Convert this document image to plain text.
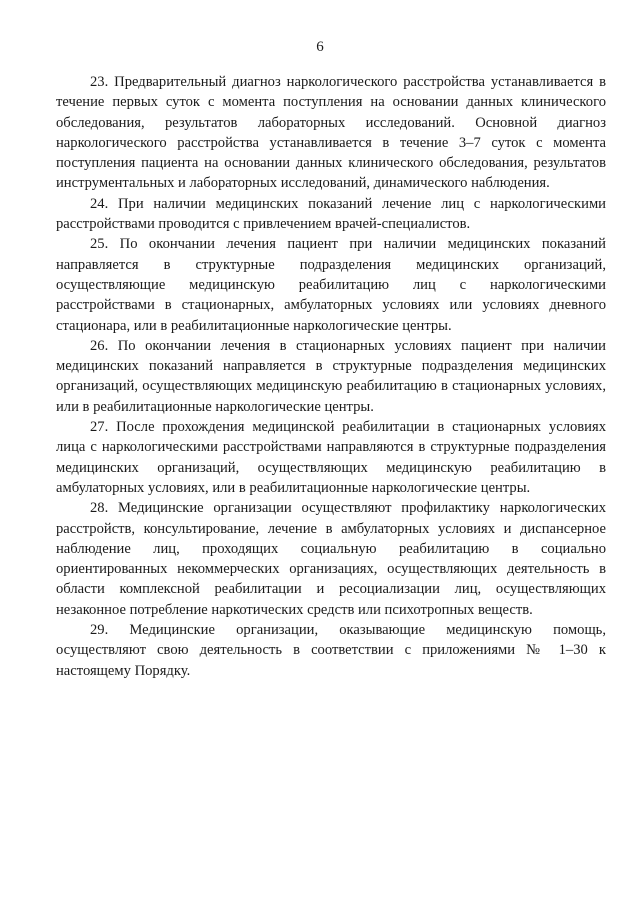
6

23. Предварительный диагноз наркологического расстройства устанавливается в течение первых суток с момента поступления на основании данных клинического обследования, результатов лабораторных исследований. Основной диагноз наркологического расстройства устанавливается в течение 3–7 суток с момента поступления пациента на основании данных клинического обследования, результатов инструментальных и лабораторных исследований, динамического наблюдения.

24. При наличии медицинских показаний лечение лиц с наркологическими расстройствами проводится с привлечением врачей-специалистов.

25. По окончании лечения пациент при наличии медицинских показаний направляется в структурные подразделения медицинских организаций, осуществляющие медицинскую реабилитацию лиц с наркологическими расстройствами в стационарных, амбулаторных условиях или условиях дневного стационара, или в реабилитационные наркологические центры.

26. По окончании лечения в стационарных условиях пациент при наличии медицинских показаний направляется в структурные подразделения медицинских организаций, осуществляющих медицинскую реабилитацию в стационарных условиях, или в реабилитационные наркологические центры.

27. После прохождения медицинской реабилитации в стационарных условиях лица с наркологическими расстройствами направляются в структурные подразделения медицинских организаций, осуществляющих медицинскую реабилитацию в амбулаторных условиях, или в реабилитационные наркологические центры.

28. Медицинские организации осуществляют профилактику наркологических расстройств, консультирование, лечение в амбулаторных условиях и диспансерное наблюдение лиц, проходящих социальную реабилитацию в социально ориентированных некоммерческих организациях, осуществляющих деятельность в области комплексной реабилитации и ресоциализации лиц, осуществляющих незаконное потребление наркотических средств или психотропных веществ.

29. Медицинские организации, оказывающие медицинскую помощь, осуществляют свою деятельность в соответствии с приложениями № 1–30 к настоящему Порядку.
